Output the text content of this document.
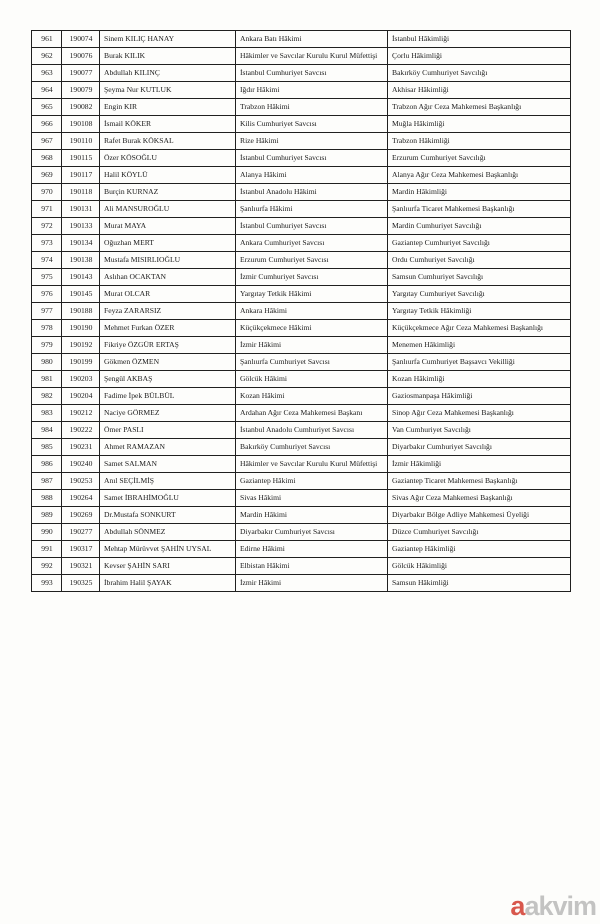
961	190074	Sinem KILIÇ HANAY	Ankara Batı Hâkimi	İstanbul Hâkimliği
962	190076	Burak KILIK	Hâkimler ve Savcılar Kurulu Kurul Müfettişi	Çorlu Hâkimliği
963	190077	Abdullah KILINÇ	İstanbul Cumhuriyet Savcısı	Bakırköy Cumhuriyet Savcılığı
964	190079	Şeyma Nur KUTLUK	Iğdır Hâkimi	Akhisar Hâkimliği
965	190082	Engin KIR	Trabzon Hâkimi	Trabzon Ağır Ceza Mahkemesi Başkanlığı
966	190108	İsmail KÖKER	Kilis Cumhuriyet Savcısı	Muğla Hâkimliği
967	190110	Rafet Burak KÖKSAL	Rize Hâkimi	Trabzon Hâkimliği
968	190115	Özer KÖSOĞLU	İstanbul Cumhuriyet Savcısı	Erzurum Cumhuriyet Savcılığı
969	190117	Halil KÖYLÜ	Alanya Hâkimi	Alanya Ağır Ceza Mahkemesi Başkanlığı
970	190118	Burçin KURNAZ	İstanbul Anadolu Hâkimi	Mardin Hâkimliği
971	190131	Ali MANSUROĞLU	Şanlıurfa Hâkimi	Şanlıurfa Ticaret Mahkemesi Başkanlığı
972	190133	Murat MAYA	İstanbul Cumhuriyet Savcısı	Mardin Cumhuriyet Savcılığı
973	190134	Oğuzhan MERT	Ankara Cumhuriyet Savcısı	Gaziantep Cumhuriyet Savcılığı
974	190138	Mustafa MISIRLIOĞLU	Erzurum Cumhuriyet Savcısı	Ordu Cumhuriyet Savcılığı
975	190143	Aslıhan OCAKTAN	İzmir Cumhuriyet Savcısı	Samsun Cumhuriyet Savcılığı
976	190145	Murat OLCAR	Yargıtay Tetkik Hâkimi	Yargıtay Cumhuriyet Savcılığı
977	190188	Feyza ZARARSIZ	Ankara Hâkimi	Yargıtay Tetkik Hâkimliği
978	190190	Mehmet Furkan ÖZER	Küçükçekmece Hâkimi	Küçükçekmece Ağır Ceza Mahkemesi Başkanlığı
979	190192	Fikriye ÖZGÜR ERTAŞ	İzmir Hâkimi	Menemen Hâkimliği
980	190199	Gökmen ÖZMEN	Şanlıurfa Cumhuriyet Savcısı	Şanlıurfa Cumhuriyet Başsavcı Vekilliği
981	190203	Şengül AKBAŞ	Gölcük Hâkimi	Kozan Hâkimliği
982	190204	Fadime İpek BÜLBÜL	Kozan Hâkimi	Gaziosmanpaşa Hâkimliği
983	190212	Naciye GÖRMEZ	Ardahan Ağır Ceza Mahkemesi Başkanı	Sinop Ağır Ceza Mahkemesi Başkanlığı
984	190222	Ömer PASLI	İstanbul Anadolu Cumhuriyet Savcısı	Van Cumhuriyet Savcılığı
985	190231	Ahmet RAMAZAN	Bakırköy Cumhuriyet Savcısı	Diyarbakır Cumhuriyet Savcılığı
986	190240	Samet SALMAN	Hâkimler ve Savcılar Kurulu Kurul Müfettişi	İzmir Hâkimliği
987	190253	Anıl SEÇİLMİŞ	Gaziantep Hâkimi	Gaziantep Ticaret Mahkemesi Başkanlığı
988	190264	Samet İBRAHİMOĞLU	Sivas Hâkimi	Sivas Ağır Ceza Mahkemesi Başkanlığı
989	190269	Dr.Mustafa SONKURT	Mardin Hâkimi	Diyarbakır Bölge Adliye Mahkemesi Üyeliği
990	190277	Abdullah SÖNMEZ	Diyarbakır Cumhuriyet Savcısı	Düzce Cumhuriyet Savcılığı
991	190317	Mehtap Mürüvvet ŞAHİN UYSAL	Edirne Hâkimi	Gaziantep Hâkimliği
992	190321	Kevser ŞAHİN SARI	Elbistan Hâkimi	Gölcük Hâkimliği
993	190325	İbrahim Halil ŞAYAK	İzmir Hâkimi	Samsun Hâkimliği
aakvim
